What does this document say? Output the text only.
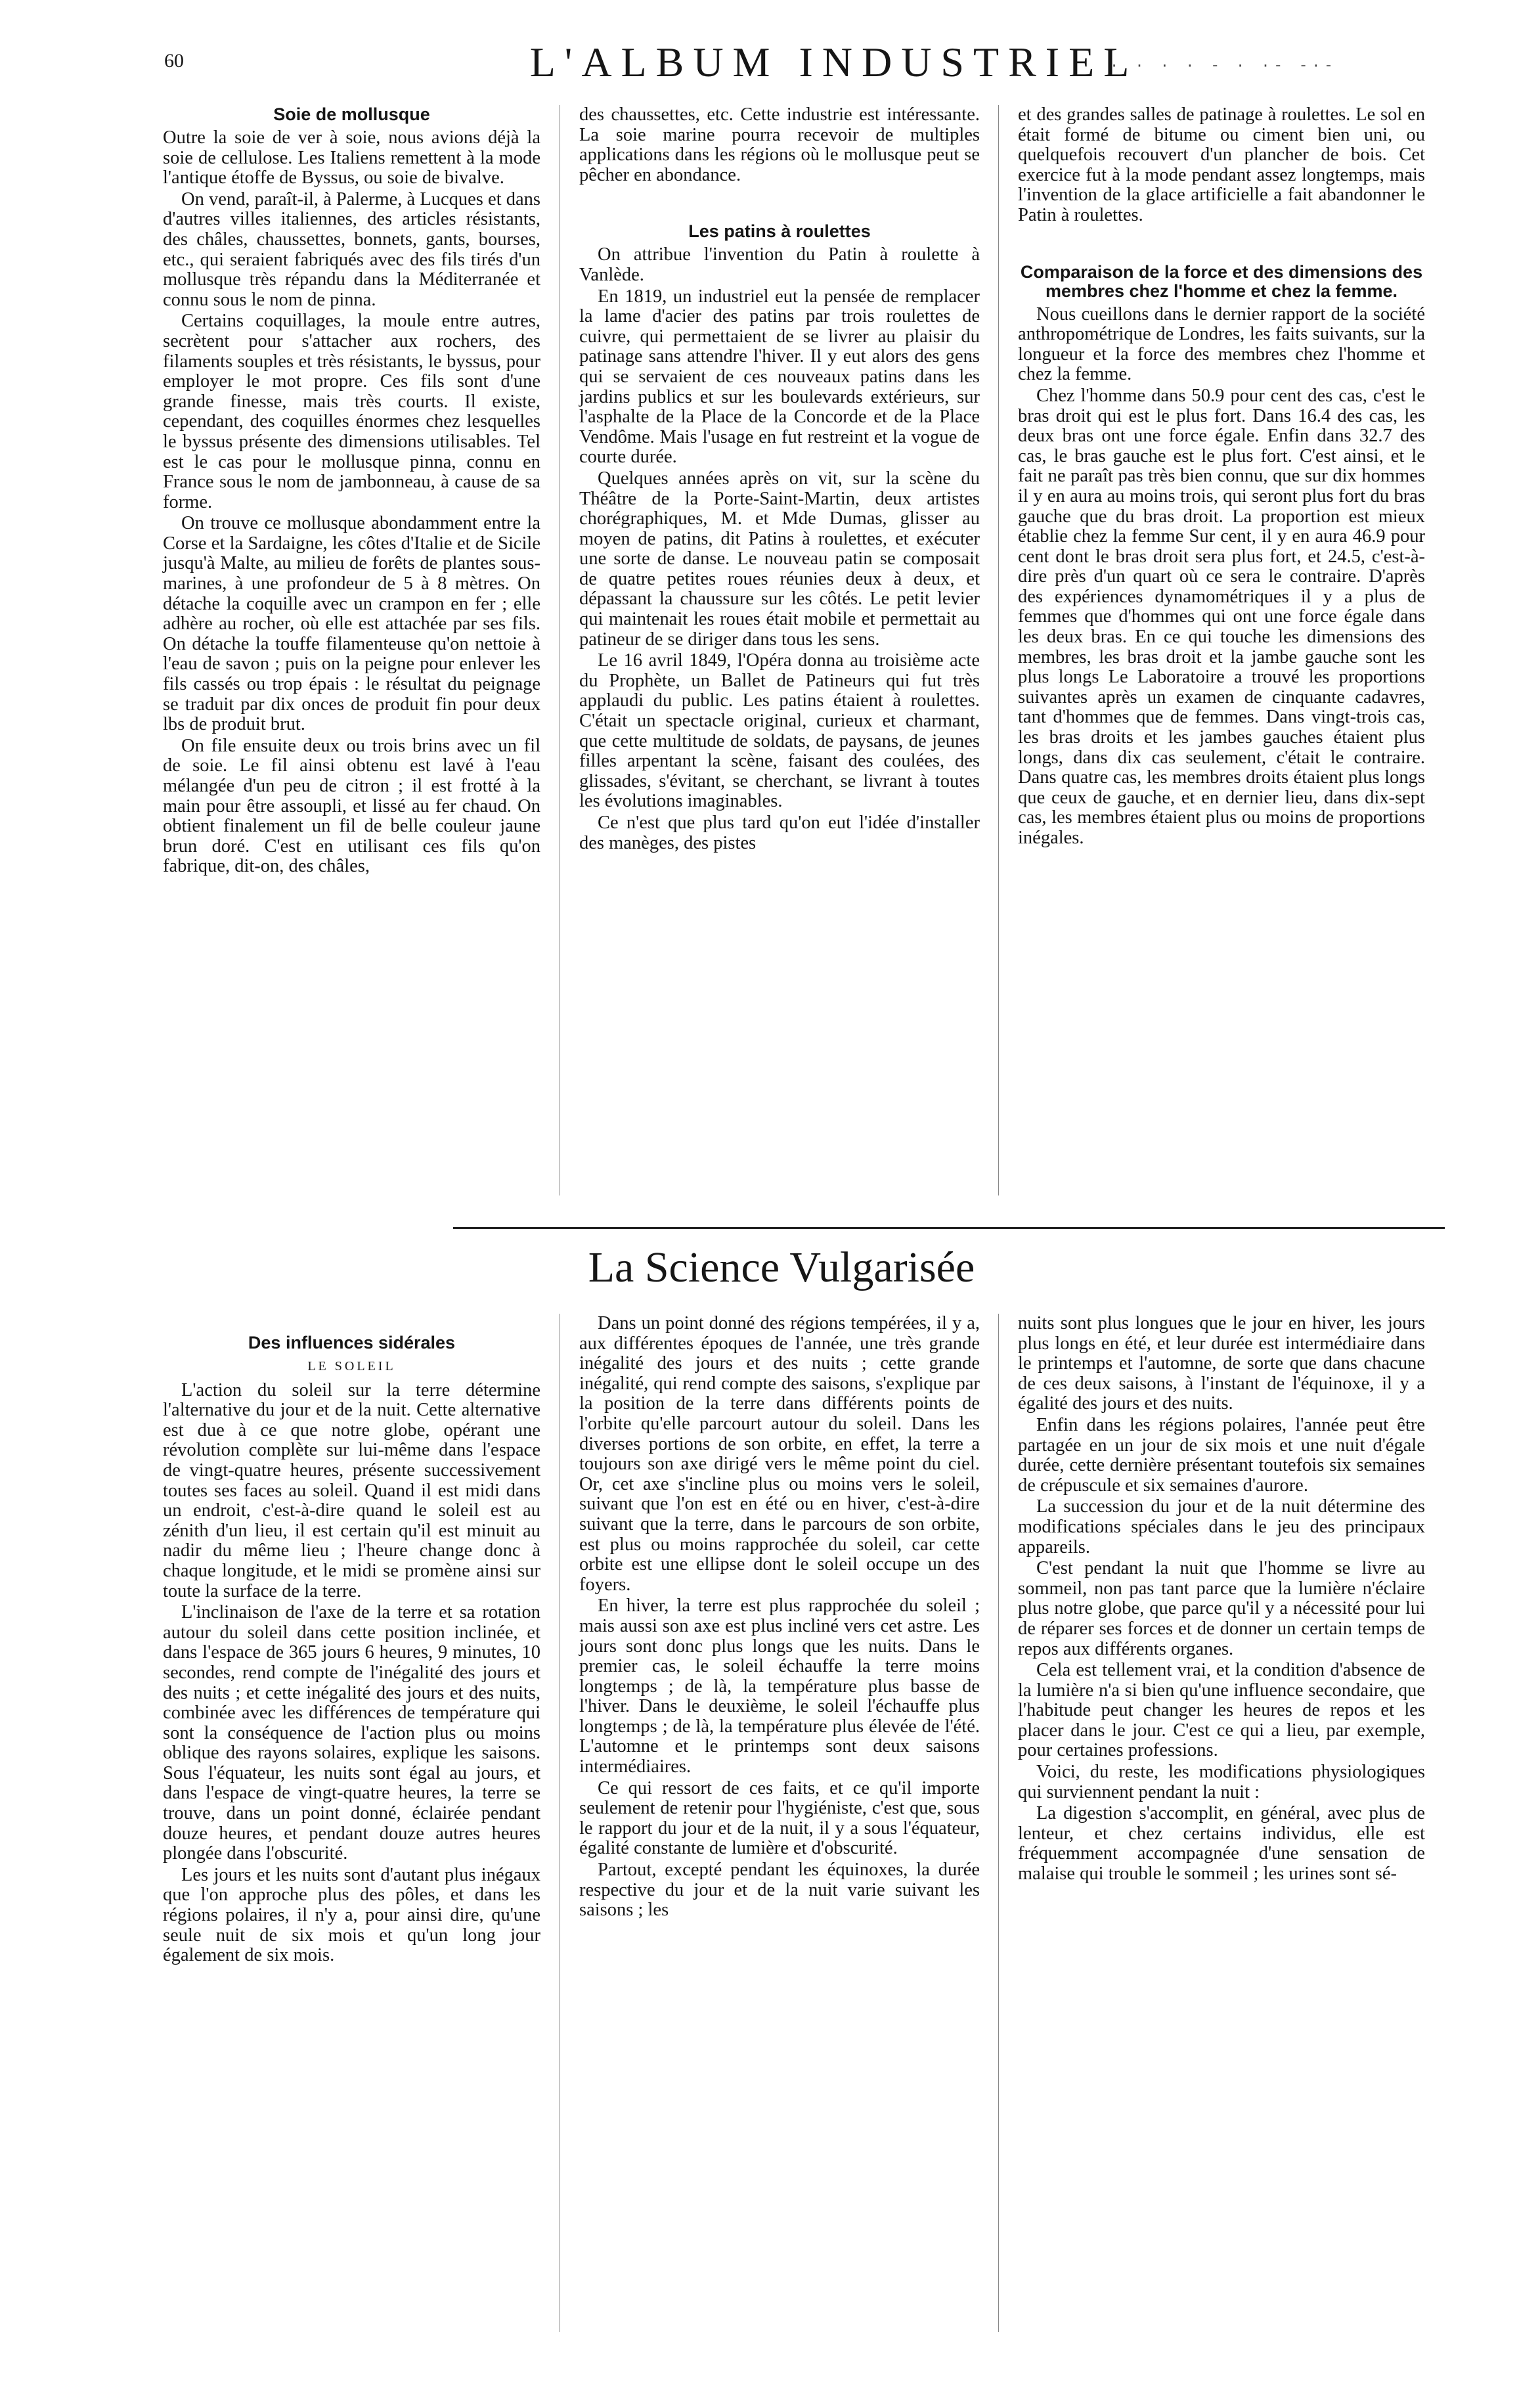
60	L'ALBUM INDUSTRIEL
· · · · - · ·- -·-
Soie de mollusque

Outre la soie de ver à soie, nous avions déjà la soie de cellulose. Les Italiens remettent à la mode l'antique étoffe de Byssus, ou soie de bivalve.

On vend, paraît-il, à Palerme, à Lucques et dans d'autres villes italiennes, des articles résistants, des châles, chaussettes, bonnets, gants, bourses, etc., qui seraient fabriqués avec des fils tirés d'un mollusque très répandu dans la Méditerranée et connu sous le nom de pinna.

Certains coquillages, la moule entre autres, secrètent pour s'attacher aux rochers, des filaments souples et très résistants, le byssus, pour employer le mot propre. Ces fils sont d'une grande finesse, mais très courts. Il existe, cependant, des coquilles énormes chez lesquelles le byssus présente des dimensions utilisables. Tel est le cas pour le mollusque pinna, connu en France sous le nom de jambonneau, à cause de sa forme.

On trouve ce mollusque abondamment entre la Corse et la Sardaigne, les côtes d'Italie et de Sicile jusqu'à Malte, au milieu de forêts de plantes sous-marines, à une profondeur de 5 à 8 mètres. On détache la coquille avec un crampon en fer ; elle adhère au rocher, où elle est attachée par ses fils. On détache la touffe filamenteuse qu'on nettoie à l'eau de savon ; puis on la peigne pour enlever les fils cassés ou trop épais : le résultat du peignage se traduit par dix onces de produit fin pour deux lbs de produit brut.

On file ensuite deux ou trois brins avec un fil de soie. Le fil ainsi obtenu est lavé à l'eau mélangée d'un peu de citron ; il est frotté à la main pour être assoupli, et lissé au fer chaud. On obtient finalement un fil de belle couleur jaune brun doré. C'est en utilisant ces fils qu'on fabrique, dit-on, des châles,

des chaussettes, etc. Cette industrie est intéressante. La soie marine pourra recevoir de multiples applications dans les régions où le mollusque peut se pêcher en abondance.

Les patins à roulettes

On attribue l'invention du Patin à roulette à Vanlède.

En 1819, un industriel eut la pensée de remplacer la lame d'acier des patins par trois roulettes de cuivre, qui permettaient de se livrer au plaisir du patinage sans attendre l'hiver. Il y eut alors des gens qui se servaient de ces nouveaux patins dans les jardins publics et sur les boulevards extérieurs, sur l'asphalte de la Place de la Concorde et de la Place Vendôme. Mais l'usage en fut restreint et la vogue de courte durée.

Quelques années après on vit, sur la scène du Théâtre de la Porte-Saint-Martin, deux artistes chorégraphiques, M. et Mde Dumas, glisser au moyen de patins, dit Patins à roulettes, et exécuter une sorte de danse. Le nouveau patin se composait de quatre petites roues réunies deux à deux, et dépassant la chaussure sur les côtés. Le petit levier qui maintenait les roues était mobile et permettait au patineur de se diriger dans tous les sens.

Le 16 avril 1849, l'Opéra donna au troisième acte du Prophète, un Ballet de Patineurs qui fut très applaudi du public. Les patins étaient à roulettes. C'était un spectacle original, curieux et charmant, que cette multitude de soldats, de paysans, de jeunes filles arpentant la scène, faisant des coulées, des glissades, s'évitant, se cherchant, se livrant à toutes les évolutions imaginables.

Ce n'est que plus tard qu'on eut l'idée d'installer des manèges, des pistes

et des grandes salles de patinage à roulettes. Le sol en était formé de bitume ou ciment bien uni, ou quelquefois recouvert d'un plancher de bois. Cet exercice fut à la mode pendant assez longtemps, mais l'invention de la glace artificielle a fait abandonner le Patin à roulettes.

Comparaison de la force et des dimensions des membres chez l'homme et chez la femme.

Nous cueillons dans le dernier rapport de la société anthropométrique de Londres, les faits suivants, sur la longueur et la force des membres chez l'homme et chez la femme.

Chez l'homme dans 50.9 pour cent des cas, c'est le bras droit qui est le plus fort. Dans 16.4 des cas, les deux bras ont une force égale. Enfin dans 32.7 des cas, le bras gauche est le plus fort. C'est ainsi, et le fait ne paraît pas très bien connu, que sur dix hommes il y en aura au moins trois, qui seront plus fort du bras gauche que du bras droit. La proportion est mieux établie chez la femme Sur cent, il y en aura 46.9 pour cent dont le bras droit sera plus fort, et 24.5, c'est-à-dire près d'un quart où ce sera le contraire. D'après des expériences dynamométriques il y a plus de femmes que d'hommes qui ont une force égale dans les deux bras. En ce qui touche les dimensions des membres, les bras droit et la jambe gauche sont les plus longs Le Laboratoire a trouvé les proportions suivantes après un examen de cinquante cadavres, tant d'hommes que de femmes. Dans vingt-trois cas, les bras droits et les jambes gauches étaient plus longs, dans dix cas seulement, c'était le contraire. Dans quatre cas, les membres droits étaient plus longs que ceux de gauche, et en dernier lieu, dans dix-sept cas, les membres étaient plus ou moins de proportions inégales.

La Science Vulgarisée
Des influences sidérales
LE SOLEIL

L'action du soleil sur la terre détermine l'alternative du jour et de la nuit. Cette alternative est due à ce que notre globe, opérant une révolution complète sur lui-même dans l'espace de vingt-quatre heures, présente successivement toutes ses faces au soleil. Quand il est midi dans un endroit, c'est-à-dire quand le soleil est au zénith d'un lieu, il est certain qu'il est minuit au nadir du même lieu ; l'heure change donc à chaque longitude, et le midi se promène ainsi sur toute la surface de la terre.

L'inclinaison de l'axe de la terre et sa rotation autour du soleil dans cette position inclinée, et dans l'espace de 365 jours 6 heures, 9 minutes, 10 secondes, rend compte de l'inégalité des jours et des nuits ; et cette inégalité des jours et des nuits, combinée avec les différences de température qui sont la conséquence de l'action plus ou moins oblique des rayons solaires, explique les saisons. Sous l'équateur, les nuits sont égal au jours, et dans l'espace de vingt-quatre heures, la terre se trouve, dans un point donné, éclairée pendant douze heures, et pendant douze autres heures plongée dans l'obscurité.

Les jours et les nuits sont d'autant plus inégaux que l'on approche plus des pôles, et dans les régions polaires, il n'y a, pour ainsi dire, qu'une seule nuit de six mois et qu'un long jour également de six mois.

Dans un point donné des régions tempérées, il y a, aux différentes époques de l'année, une très grande inégalité des jours et des nuits ; cette grande inégalité, qui rend compte des saisons, s'explique par la position de la terre dans différents points de l'orbite qu'elle parcourt autour du soleil. Dans les diverses portions de son orbite, en effet, la terre a toujours son axe dirigé vers le même point du ciel. Or, cet axe s'incline plus ou moins vers le soleil, suivant que l'on est en été ou en hiver, c'est-à-dire suivant que la terre, dans le parcours de son orbite, est plus ou moins rapprochée du soleil, car cette orbite est une ellipse dont le soleil occupe un des foyers.

En hiver, la terre est plus rapprochée du soleil ; mais aussi son axe est plus incliné vers cet astre. Les jours sont donc plus longs que les nuits. Dans le premier cas, le soleil échauffe la terre moins longtemps ; de là, la température plus basse de l'hiver. Dans le deuxième, le soleil l'échauffe plus longtemps ; de là, la température plus élevée de l'été. L'automne et le printemps sont deux saisons intermédiaires.

Ce qui ressort de ces faits, et ce qu'il importe seulement de retenir pour l'hygiéniste, c'est que, sous le rapport du jour et de la nuit, il y a sous l'équateur, égalité constante de lumière et d'obscurité.

Partout, excepté pendant les équinoxes, la durée respective du jour et de la nuit varie suivant les saisons ; les

nuits sont plus longues que le jour en hiver, les jours plus longs en été, et leur durée est intermédiaire dans le printemps et l'automne, de sorte que dans chacune de ces deux saisons, à l'instant de l'équinoxe, il y a égalité des jours et des nuits.

Enfin dans les régions polaires, l'année peut être partagée en un jour de six mois et une nuit d'égale durée, cette dernière présentant toutefois six semaines de crépuscule et six semaines d'aurore.

La succession du jour et de la nuit détermine des modifications spéciales dans le jeu des principaux appareils.

C'est pendant la nuit que l'homme se livre au sommeil, non pas tant parce que la lumière n'éclaire plus notre globe, que parce qu'il y a nécessité pour lui de réparer ses forces et de donner un certain temps de repos aux différents organes.

Cela est tellement vrai, et la condition d'absence de la lumière n'a si bien qu'une influence secondaire, que l'habitude peut changer les heures de repos et les placer dans le jour. C'est ce qui a lieu, par exemple, pour certaines professions.

Voici, du reste, les modifications physiologiques qui surviennent pendant la nuit :

La digestion s'accomplit, en général, avec plus de lenteur, et chez certains individus, elle est fréquemment accompagnée d'une sensation de malaise qui trouble le sommeil ; les urines sont sé-
